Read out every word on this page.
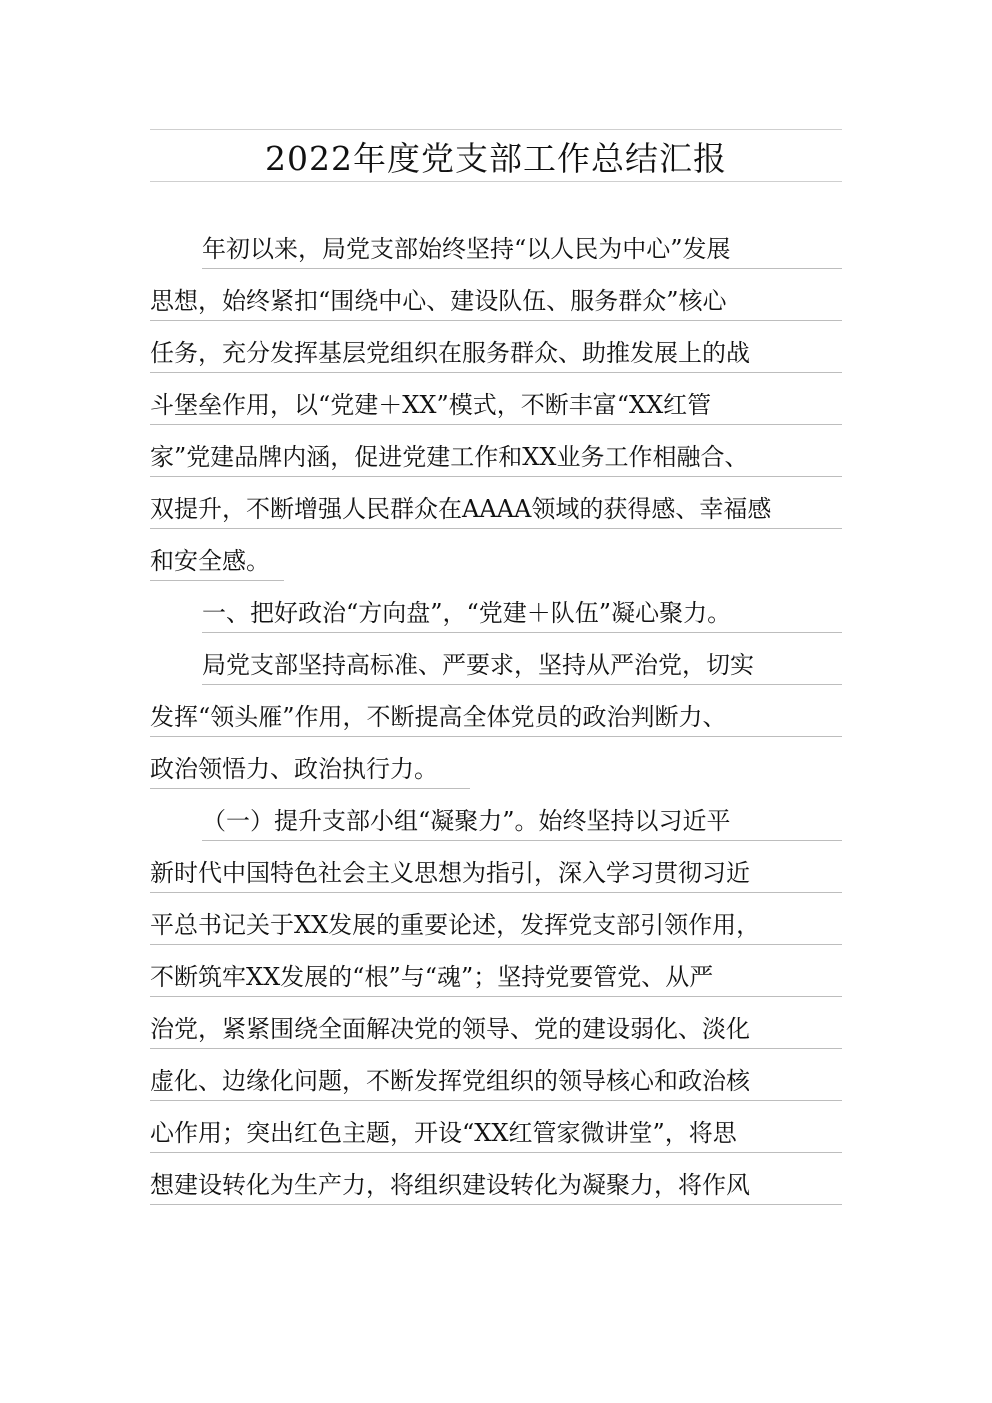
2022年度党支部工作总结汇报
年初以来，局党支部始终坚持“以人民为中心”发展
思想，始终紧扣“围绕中心、建设队伍、服务群众”核心
任务，充分发挥基层党组织在服务群众、助推发展上的战
斗堡垒作用，以“党建＋XX”模式，不断丰富“XX红管
家”党建品牌内涵，促进党建工作和XX业务工作相融合、
双提升，不断增强人民群众在AAAA领域的获得感、幸福感
和安全感。
一、把好政治“方向盘”，“党建＋队伍”凝心聚力。
局党支部坚持高标准、严要求，坚持从严治党，切实
发挥“领头雁”作用，不断提高全体党员的政治判断力、
政治领悟力、政治执行力。
（一）提升支部小组“凝聚力”。始终坚持以习近平
新时代中国特色社会主义思想为指引，深入学习贯彻习近
平总书记关于XX发展的重要论述，发挥党支部引领作用，
不断筑牢XX发展的“根”与“魂”；坚持党要管党、从严
治党，紧紧围绕全面解决党的领导、党的建设弱化、淡化
虚化、边缘化问题，不断发挥党组织的领导核心和政治核
心作用；突出红色主题，开设“XX红管家微讲堂”，将思
想建设转化为生产力，将组织建设转化为凝聚力，将作风
